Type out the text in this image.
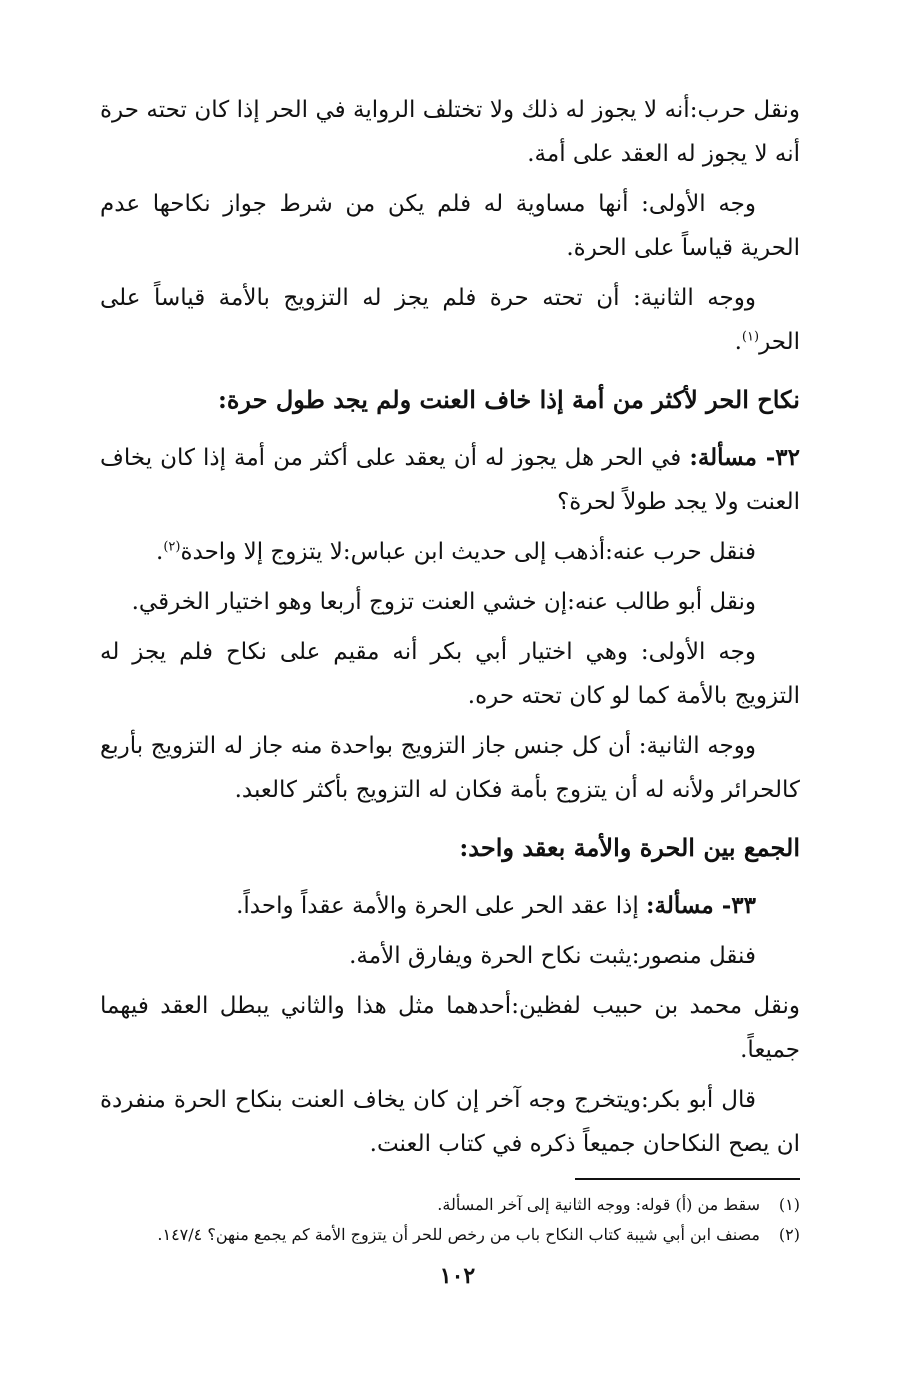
ونقل حرب:أنه لا يجوز له ذلك ولا تختلف الرواية في الحر إذا كان تحته حرة أنه لا يجوز له العقد على أمة.

وجه الأولى: أنها مساوية له فلم يكن من شرط جواز نكاحها عدم الحرية قياساً على الحرة.

ووجه الثانية: أن تحته حرة فلم يجز له التزويج بالأمة قياساً على الحر$^{(١)}$.

نكاح الحر لأكثر من أمة إذا خاف العنت ولم يجد طول حرة:

٣٢- مسألة: في الحر هل يجوز له أن يعقد على أكثر من أمة إذا كان يخاف العنت ولا يجد طولاً لحرة؟

فنقل حرب عنه:أذهب إلى حديث ابن عباس:لا يتزوج إلا واحدة$^{(٢)}$.

ونقل أبو طالب عنه:إن خشي العنت تزوج أربعا وهو اختيار الخرقي.

وجه الأولى: وهي اختيار أبي بكر أنه مقيم على نكاح فلم يجز له التزويج بالأمة كما لو كان تحته حره.

ووجه الثانية: أن كل جنس جاز التزويج بواحدة منه جاز له التزويج بأربع كالحرائر ولأنه له أن يتزوج بأمة فكان له التزويج بأكثر كالعبد.

الجمع بين الحرة والأمة بعقد واحد:

٣٣- مسألة: إذا عقد الحر على الحرة والأمة عقداً واحداً.

فنقل منصور:يثبت نكاح الحرة ويفارق الأمة.

ونقل محمد بن حبيب لفظين:أحدهما مثل هذا والثاني يبطل العقد فيهما جميعاً.

قال أبو بكر:ويتخرج وجه آخر إن كان يخاف العنت بنكاح الحرة منفردة ان يصح النكاحان جميعاً ذكره في كتاب العنت.

(١)
سقط من (أ) قوله: ووجه الثانية إلى آخر المسألة.
(٢)
مصنف ابن أبي شيبة كتاب النكاح باب من رخص للحر أن يتزوج الأمة كم يجمع منهن؟ ١٤٧/٤.
١٠٢
